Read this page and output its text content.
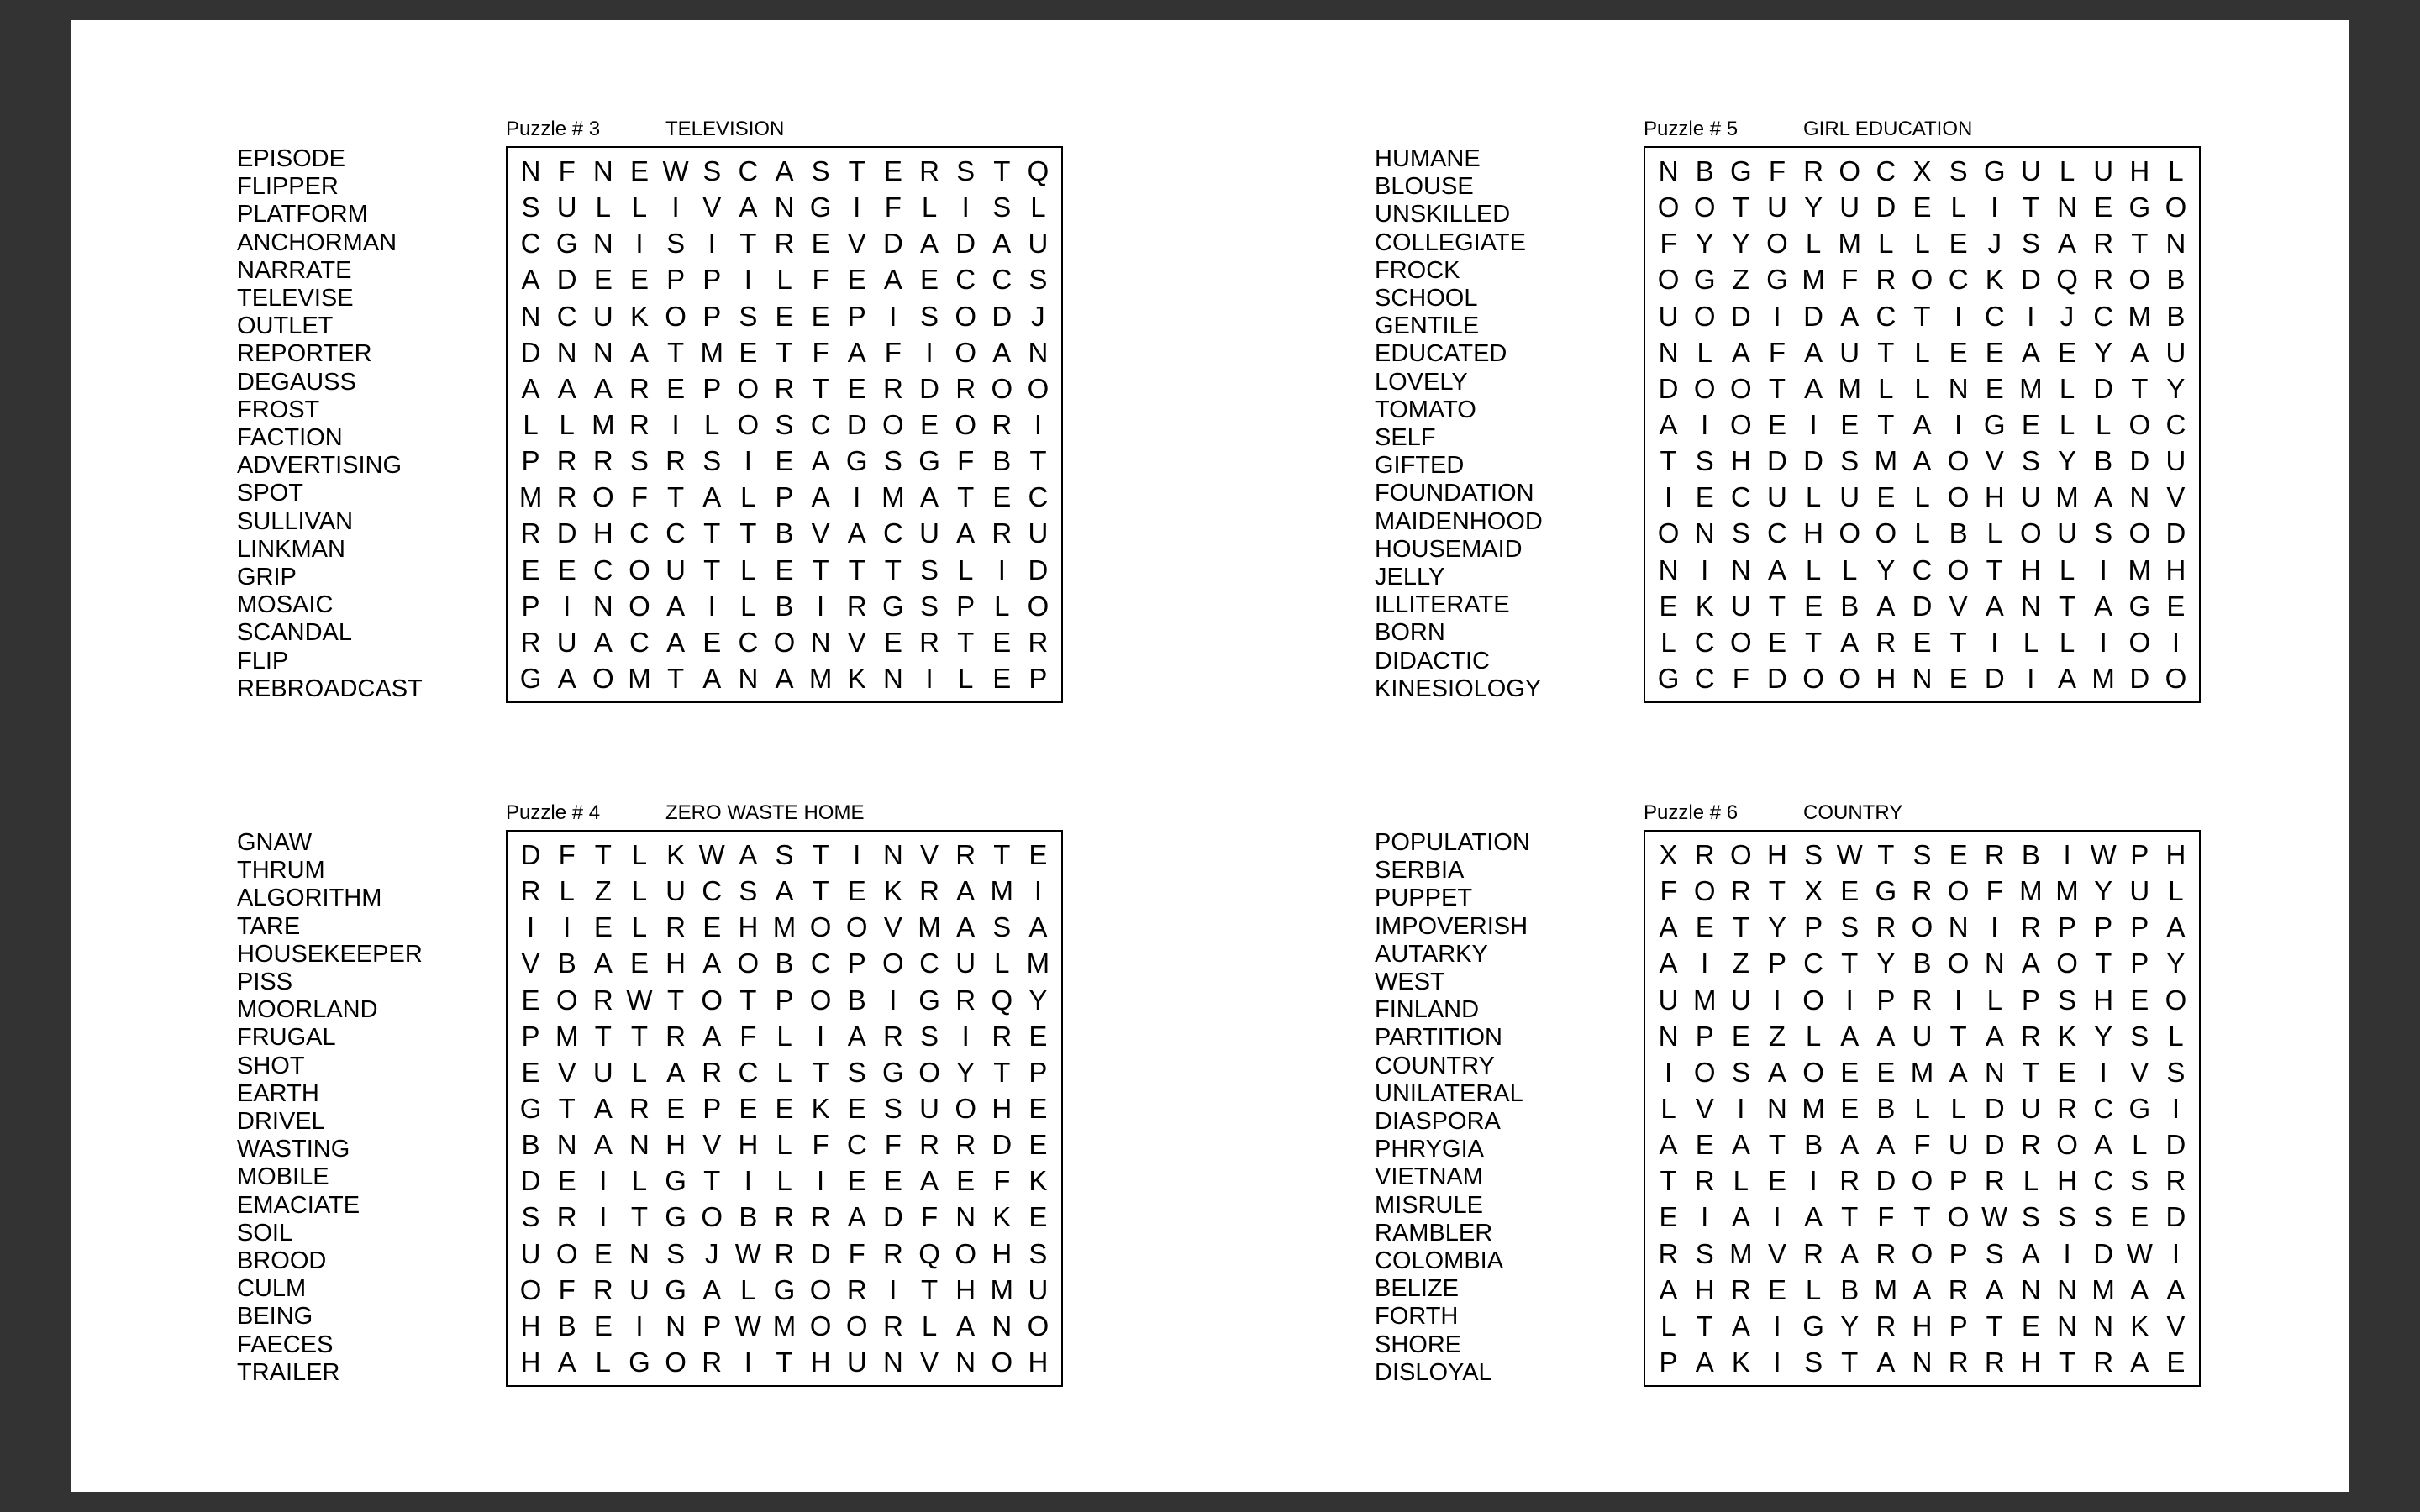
EPISODE
FLIPPER
PLATFORM
ANCHORMAN
NARRATE
TELEVISE
OUTLET
REPORTER
DEGAUSS
FROST
FACTION
ADVERTISING
SPOT
SULLIVAN
LINKMAN
GRIP
MOSAIC
SCANDAL
FLIP
REBROADCAST
Puzzle # 3	TELEVISION
N F N E W S C A S T E R S T Q
S U L L I V A N G I F L I S L
C G N I S I T R E V D A D A U
A D E E P P I L F E A E C C S
N C U K O P S E E P I S O D J
D N N A T M E T F A F I O A N
A A A R E P O R T E R D R O O
L L M R I L O S C D O E O R I
P R R S R S I E A G S G F B T
M R O F T A L P A I M A T E C
R D H C C T T B V A C U A R U
E E C O U T L E T T T S L I D
P I N O A I L B I R G S P L O
R U A C A E C O N V E R T E R
G A O M T A N A M K N I L E P
HUMANE
BLOUSE
UNSKILLED
COLLEGIATE
FROCK
SCHOOL
GENTILE
EDUCATED
LOVELY
TOMATO
SELF
GIFTED
FOUNDATION
MAIDENHOOD
HOUSEMAID
JELLY
ILLITERATE
BORN
DIDACTIC
KINESIOLOGY
Puzzle # 5	GIRL EDUCATION
N B G F R O C X S G U L U H L
O O T U Y U D E L I T N E G O
F Y Y O L M L L E J S A R T N
O G Z G M F R O C K D Q R O B
U O D I D A C T I C I J C M B
N L A F A U T L E E A E Y A U
D O O T A M L L N E M L D T Y
A I O E I E T A I G E L L O C
T S H D D S M A O V S Y B D U
I E C U L U E L O H U M A N V
O N S C H O O L B L O U S O D
N I N A L L Y C O T H L I M H
E K U T E B A D V A N T A G E
L C O E T A R E T I L L I O I
G C F D O O H N E D I A M D O
GNAW
THRUM
ALGORITHM
TARE
HOUSEKEEPER
PISS
MOORLAND
FRUGAL
SHOT
EARTH
DRIVEL
WASTING
MOBILE
EMACIATE
SOIL
BROOD
CULM
BEING
FAECES
TRAILER
Puzzle # 4	ZERO WASTE HOME
D F T L K W A S T I N V R T E
R L Z L U C S A T E K R A M I
I	I E L R E H M O O V M A S A
V B A E H A O B C P O C U L M
E O R W T O T P O B I G R Q Y
P M T T R A F L I A R S I R E
E V U L A R C L T S G O Y T P
G T A R E P E E K E S U O H E
B N A N H V H L F C F R R D E
D E I L G T I L I E E A E F K
S R I T G O B R R A D F N K E
U O E N S J W R D F R Q O H S
O F R U G A L G O R I T H M U
H B E I N P W M O O R L A N O
H A L G O R I T H U N V N O H
POPULATION
SERBIA
PUPPET
IMPOVERISH
AUTARKY
WEST
FINLAND
PARTITION
COUNTRY
UNILATERAL
DIASPORA
PHRYGIA
VIETNAM
MISRULE
RAMBLER
COLOMBIA
BELIZE
FORTH
SHORE
DISLOYAL
Puzzle # 6	COUNTRY
X R O H S W T S E R B I W P H
F O R T X E G R O F M M Y U L
A E T Y P S R O N I R P P P A
A I Z P C T Y B O N A O T P Y
U M U I O I P R I L P S H E O
N P E Z L A A U T A R K Y S L
I O S A O E E M A N T E I V S
L V I N M E B L L D U R C G I
A E A T B A A F U D R O A L D
T R L E I R D O P R L H C S R
E I A I A T F T O W S S S E D
R S M V R A R O P S A I D W I
A H R E L B M A R A N N M A A
L T A I G Y R H P T E N N K V
P A K I S T A N R R H T R A E
